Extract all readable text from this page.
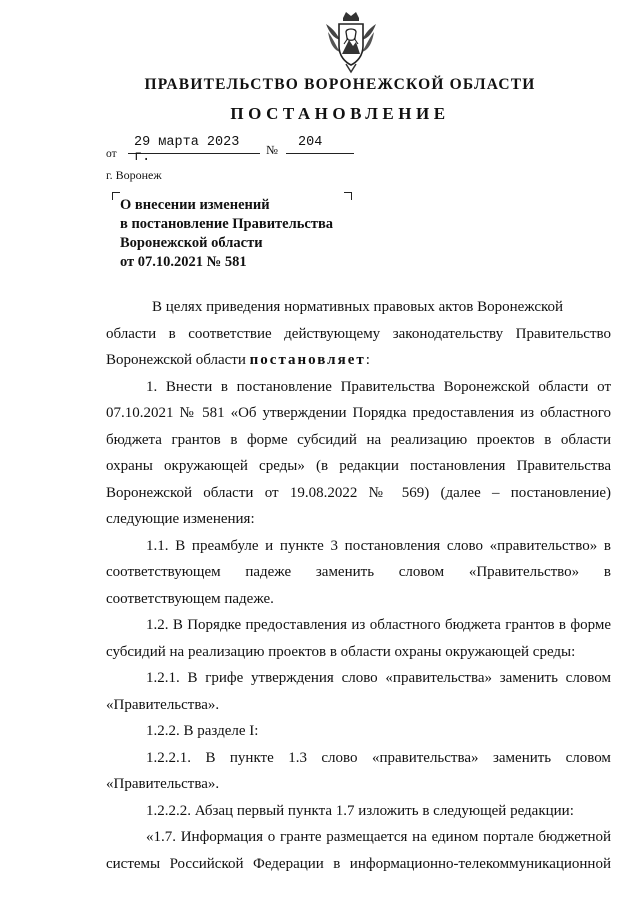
ПРАВИТЕЛЬСТВО ВОРОНЕЖСКОЙ ОБЛАСТИ
ПОСТАНОВЛЕНИЕ
от
29 марта 2023 г.	№ 204
г. Воронеж
О внесении изменений
в постановление Правительства
Воронежской области
от 07.10.2021 № 581
В целях приведения нормативных правовых актов Воронежской
области в соответствие действующему законодательству Правительство
Воронежской области постановляет:
1. Внести в постановление Правительства Воронежской области от
07.10.2021 № 581 «Об утверждении Порядка предоставления из областного
бюджета грантов в форме субсидий на реализацию проектов в области
охраны окружающей среды» (в редакции постановления Правительства
Воронежской области от 19.08.2022 № 569) (далее – постановление)
следующие изменения:
1.1. В преамбуле и пункте 3 постановления слово «правительство» в
соответствующем падеже заменить словом «Правительство» в
соответствующем падеже.
1.2. В Порядке предоставления из областного бюджета грантов в форме
субсидий на реализацию проектов в области охраны окружающей среды:
1.2.1. В грифе утверждения слово «правительства» заменить словом
«Правительства».
1.2.2. В разделе I:
1.2.2.1. В пункте 1.3 слово «правительства» заменить словом
«Правительства».
1.2.2.2. Абзац первый пункта 1.7 изложить в следующей редакции:
«1.7. Информация о гранте размещается на едином портале бюджетной
системы Российской Федерации в информационно-телекоммуникационной
